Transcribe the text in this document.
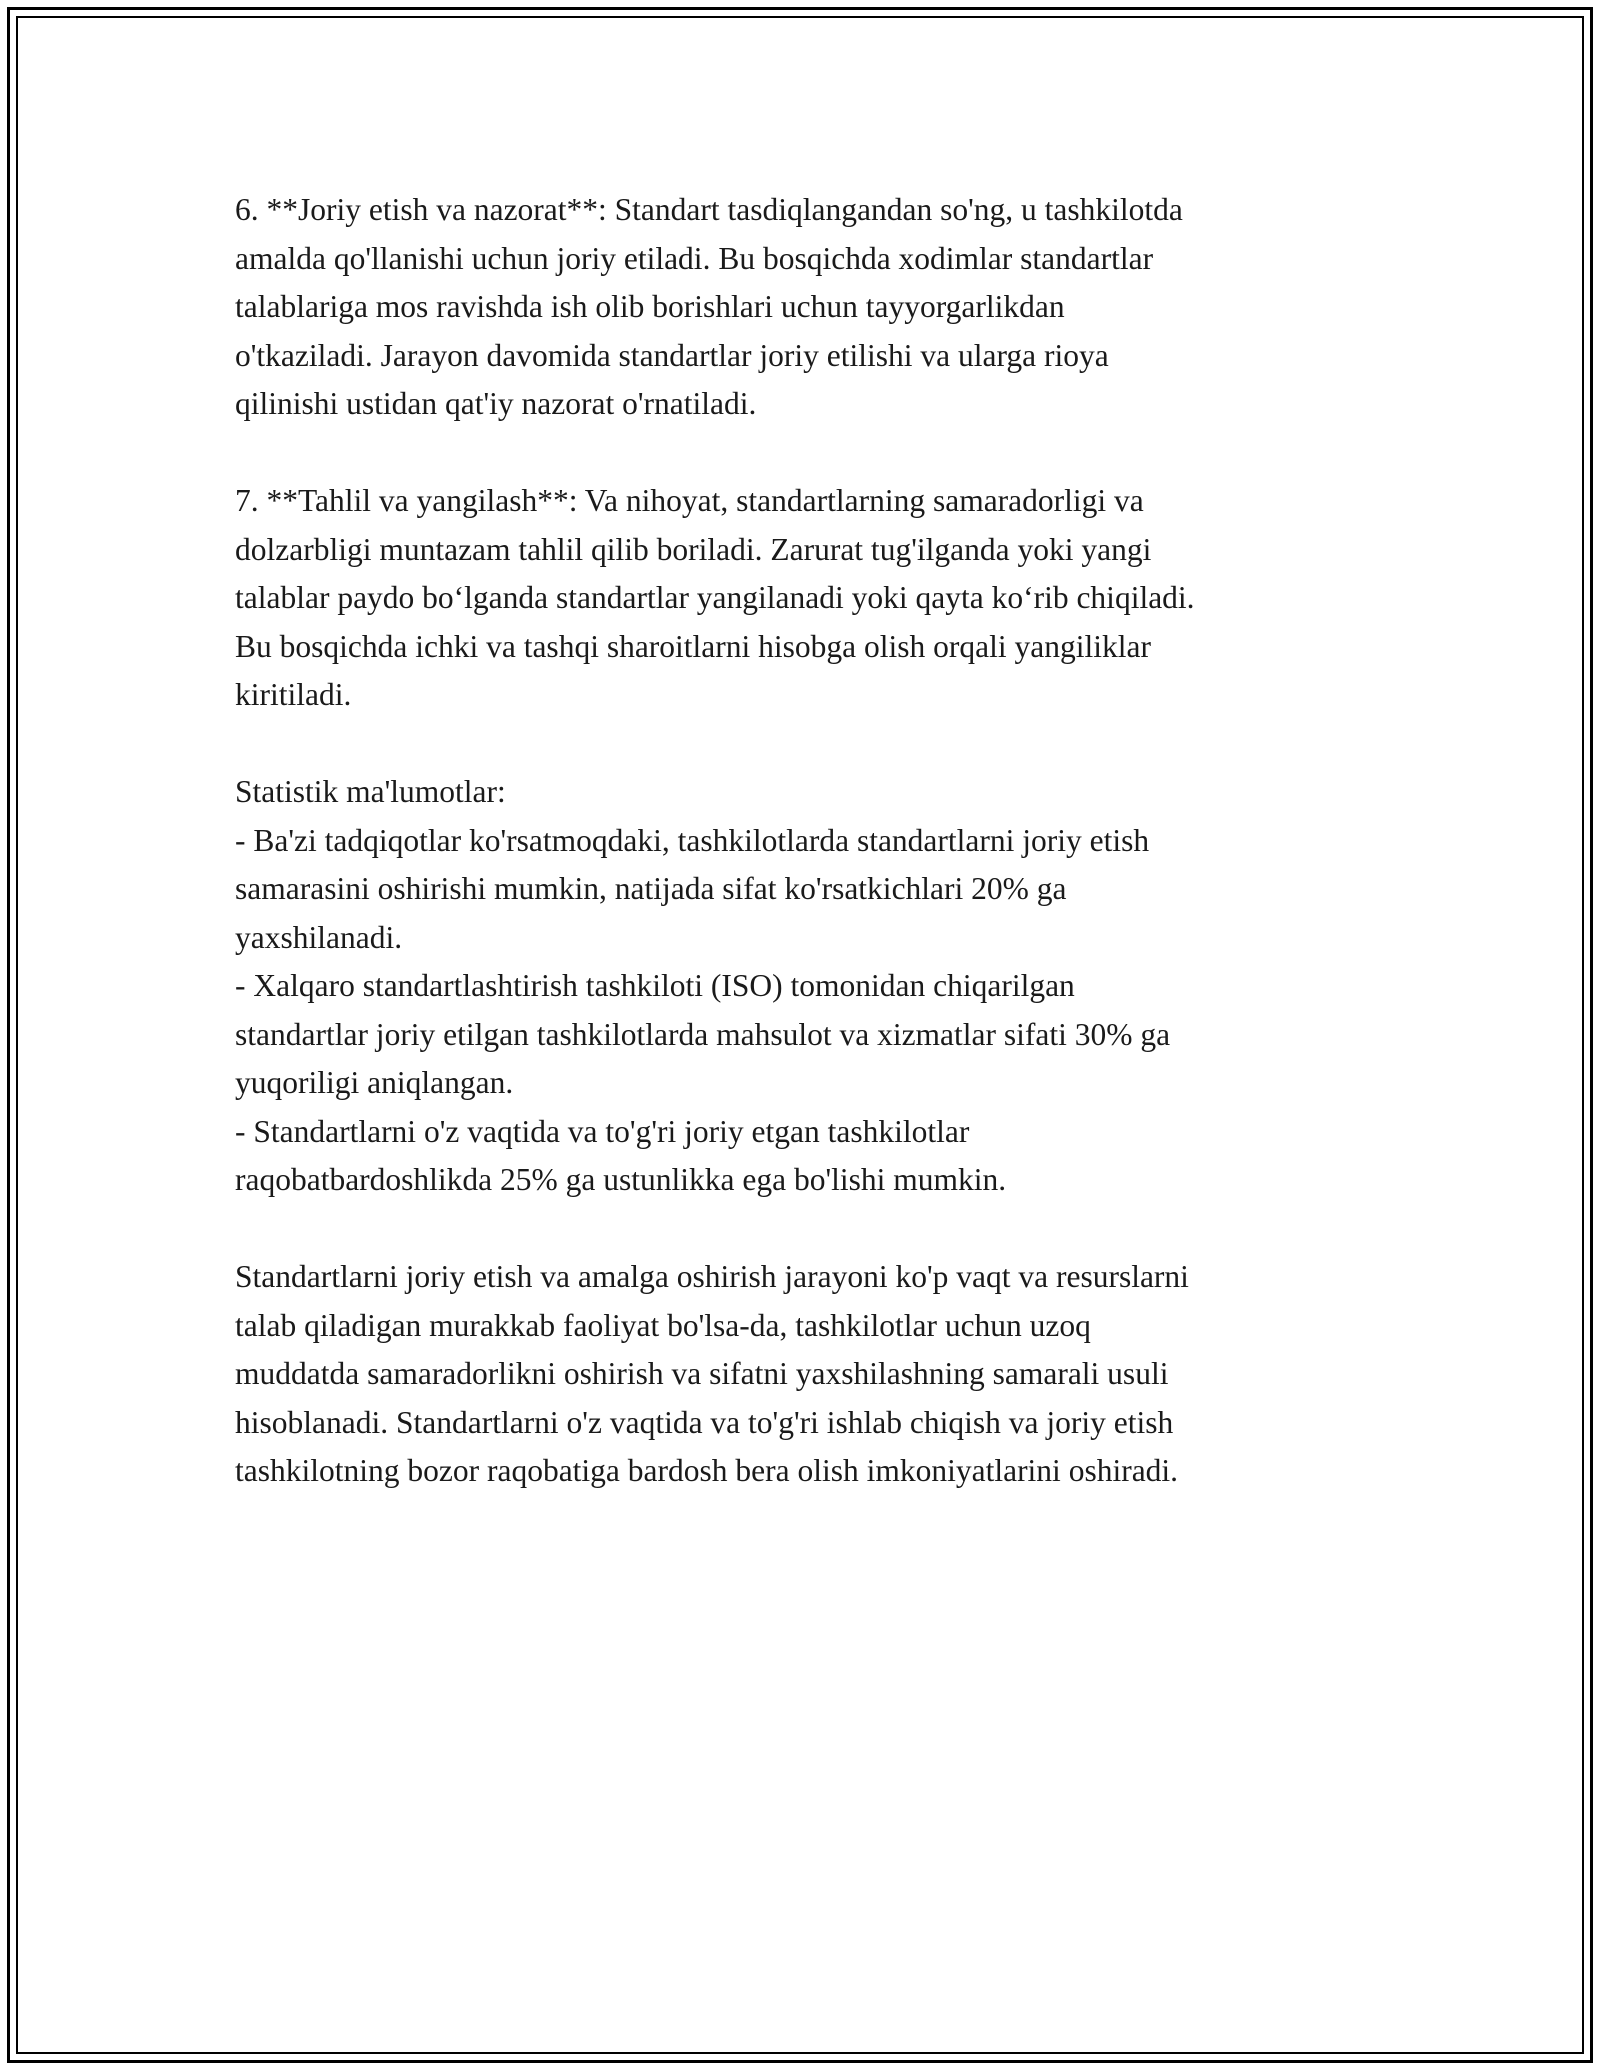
6. **Joriy etish va nazorat**: Standart tasdiqlangandan so'ng, u tashkilotda
amalda qo'llanishi uchun joriy etiladi. Bu bosqichda xodimlar standartlar
talablariga mos ravishda ish olib borishlari uchun tayyorgarlikdan
o'tkaziladi. Jarayon davomida standartlar joriy etilishi va ularga rioya
qilinishi ustidan qat'iy nazorat o'rnatiladi.

7. **Tahlil va yangilash**: Va nihoyat, standartlarning samaradorligi va
dolzarbligi muntazam tahlil qilib boriladi. Zarurat tug'ilganda yoki yangi
talablar paydo bo‘lganda standartlar yangilanadi yoki qayta ko‘rib chiqiladi.
Bu bosqichda ichki va tashqi sharoitlarni hisobga olish orqali yangiliklar
kiritiladi.

Statistik ma'lumotlar:
- Ba'zi tadqiqotlar ko'rsatmoqdaki, tashkilotlarda standartlarni joriy etish
samarasini oshirishi mumkin, natijada sifat ko'rsatkichlari 20% ga
yaxshilanadi.
- Xalqaro standartlashtirish tashkiloti (ISO) tomonidan chiqarilgan
standartlar joriy etilgan tashkilotlarda mahsulot va xizmatlar sifati 30% ga
yuqoriligi aniqlangan.
- Standartlarni o'z vaqtida va to'g'ri joriy etgan tashkilotlar
raqobatbardoshlikda 25% ga ustunlikka ega bo'lishi mumkin.

Standartlarni joriy etish va amalga oshirish jarayoni ko'p vaqt va resurslarni
talab qiladigan murakkab faoliyat bo'lsa-da, tashkilotlar uchun uzoq
muddatda samaradorlikni oshirish va sifatni yaxshilashning samarali usuli
hisoblanadi. Standartlarni o'z vaqtida va to'g'ri ishlab chiqish va joriy etish
tashkilotning bozor raqobatiga bardosh bera olish imkoniyatlarini oshiradi.
